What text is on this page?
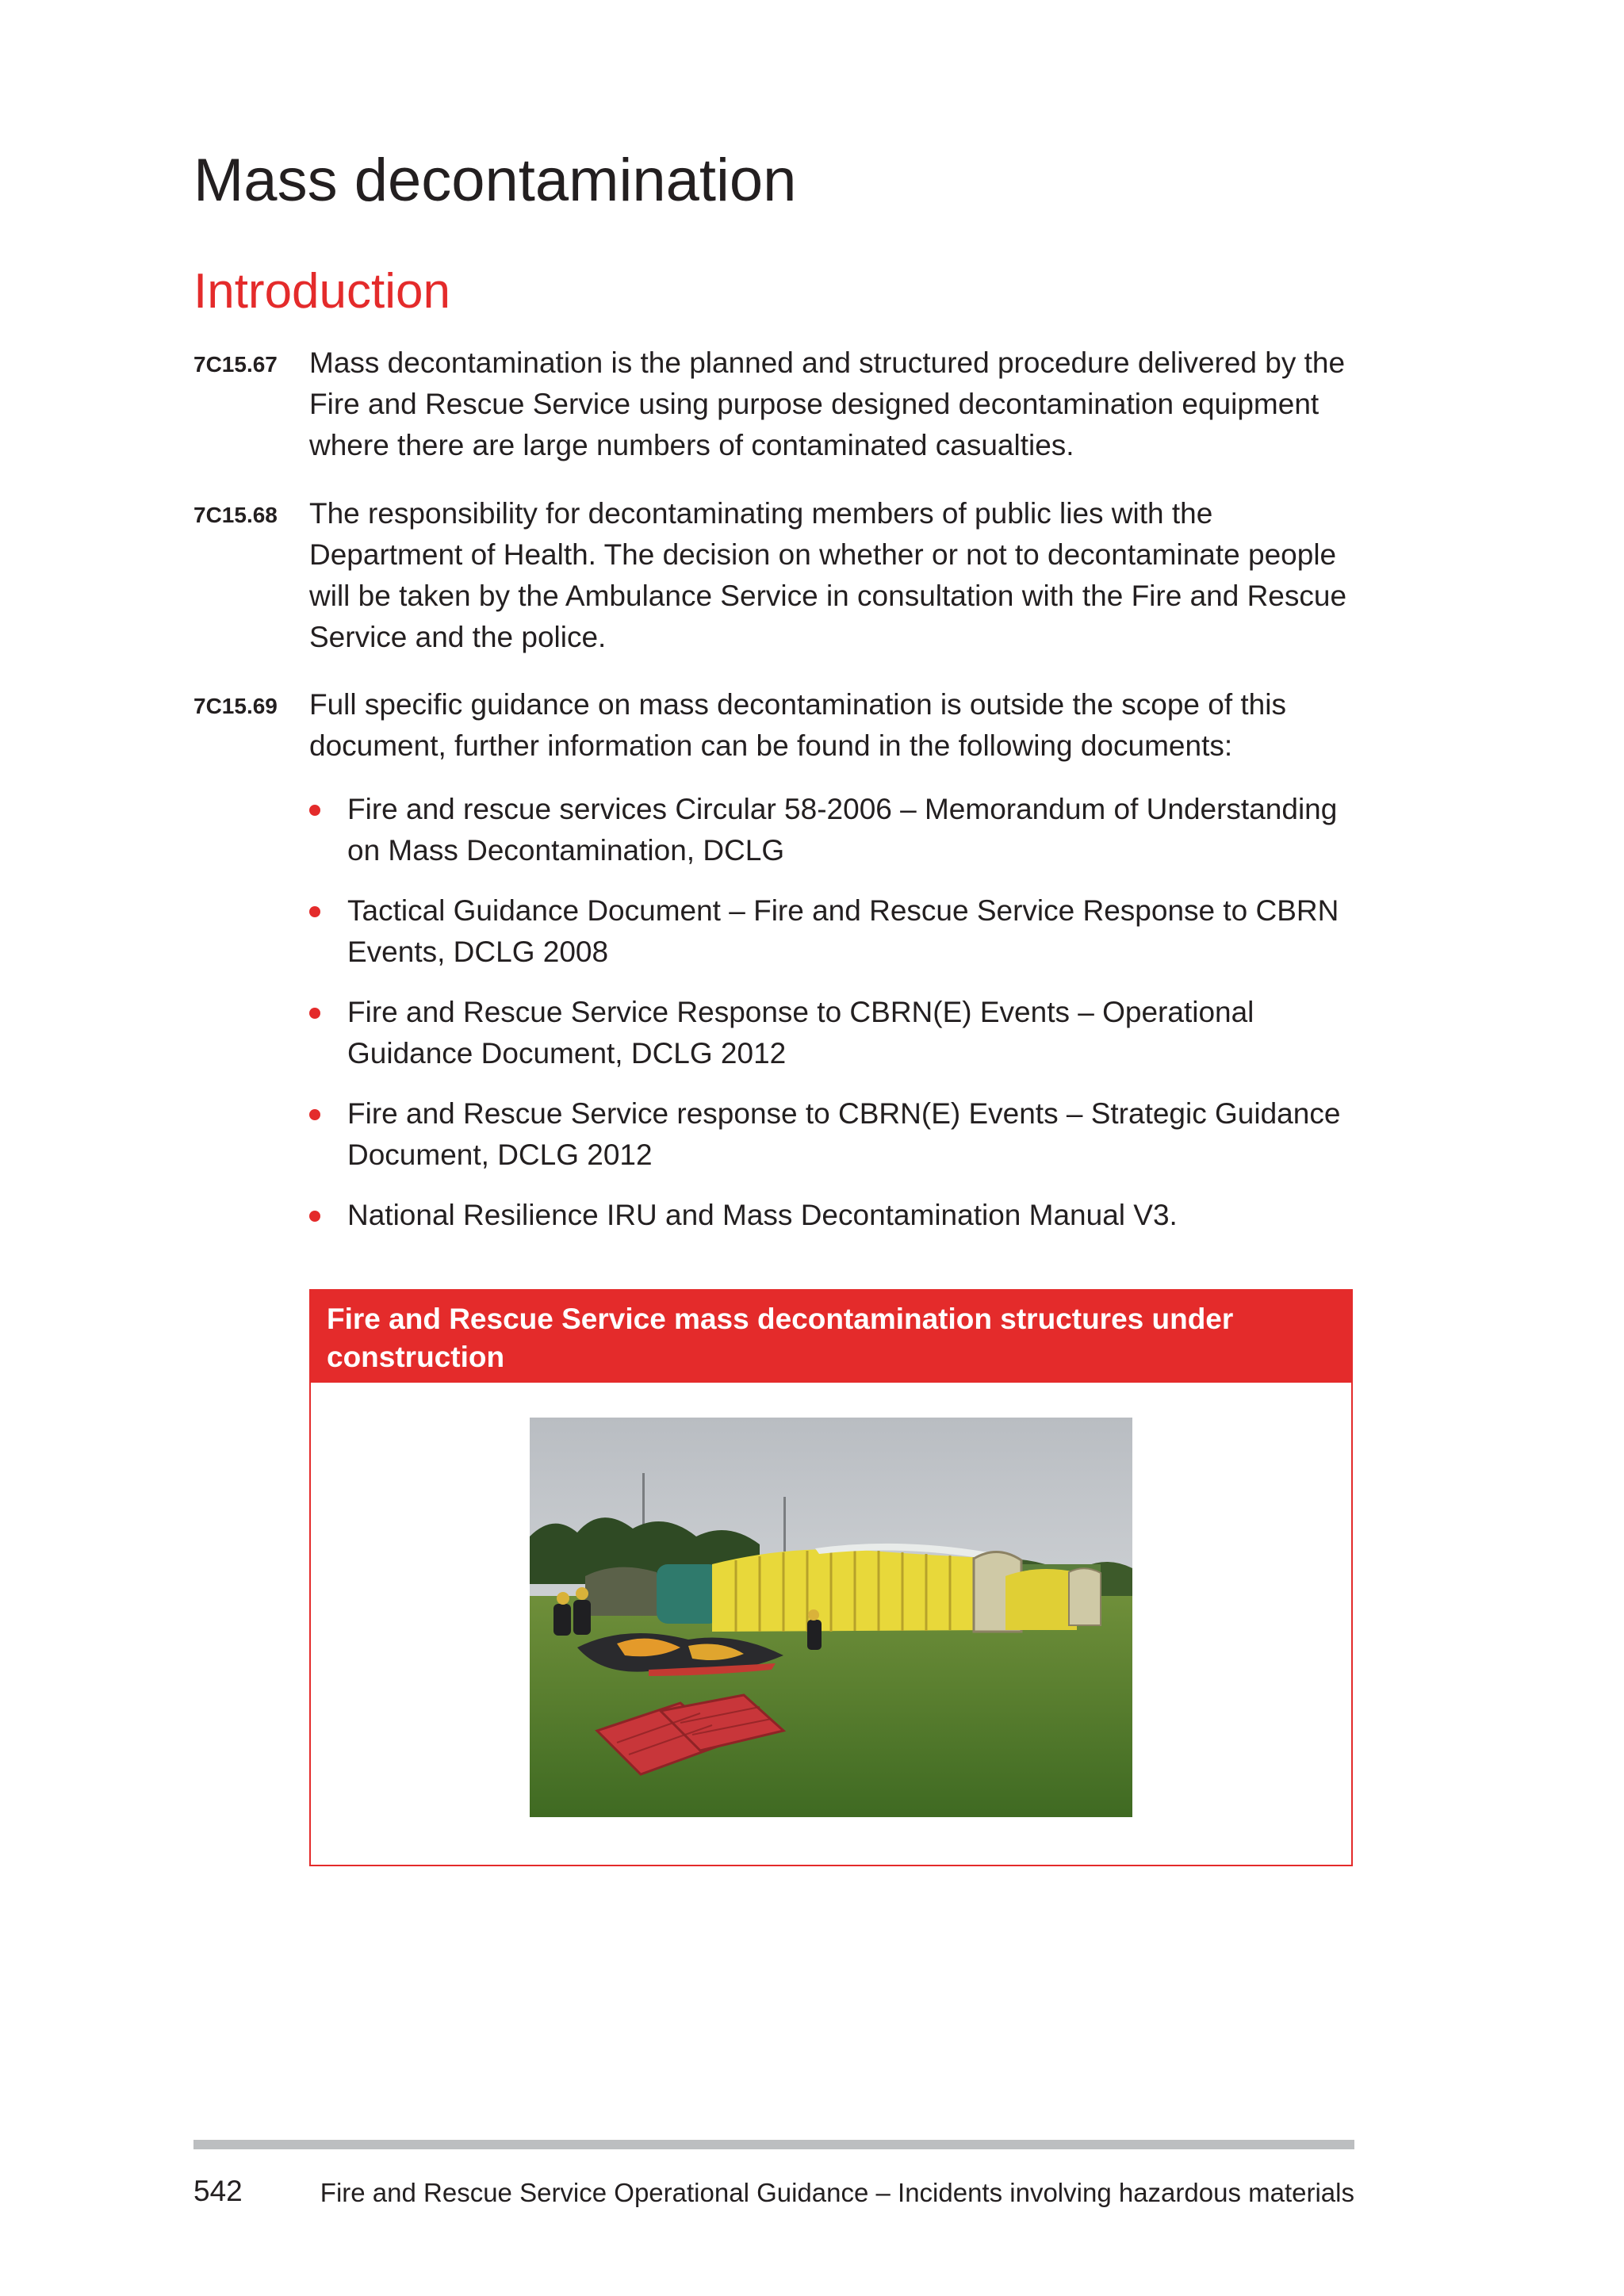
Mass decontamination
Introduction
7C15.67 Mass decontamination is the planned and structured procedure delivered by the Fire and Rescue Service using purpose designed decontamination equipment where there are large numbers of contaminated casualties.
7C15.68 The responsibility for decontaminating members of public lies with the Department of Health. The decision on whether or not to decontaminate people will be taken by the Ambulance Service in consultation with the Fire and Rescue Service and the police.
7C15.69 Full specific guidance on mass decontamination is outside the scope of this document, further information can be found in the following documents:
Fire and rescue services Circular 58-2006 – Memorandum of Understanding on Mass Decontamination, DCLG
Tactical Guidance Document – Fire and Rescue Service Response to CBRN Events, DCLG 2008
Fire and Rescue Service Response to CBRN(E) Events – Operational Guidance Document, DCLG 2012
Fire and Rescue Service response to CBRN(E) Events – Strategic Guidance Document, DCLG 2012
National Resilience IRU and Mass Decontamination Manual V3.
Fire and Rescue Service mass decontamination structures under construction
542	Fire and Rescue Service Operational Guidance – Incidents involving hazardous materials
